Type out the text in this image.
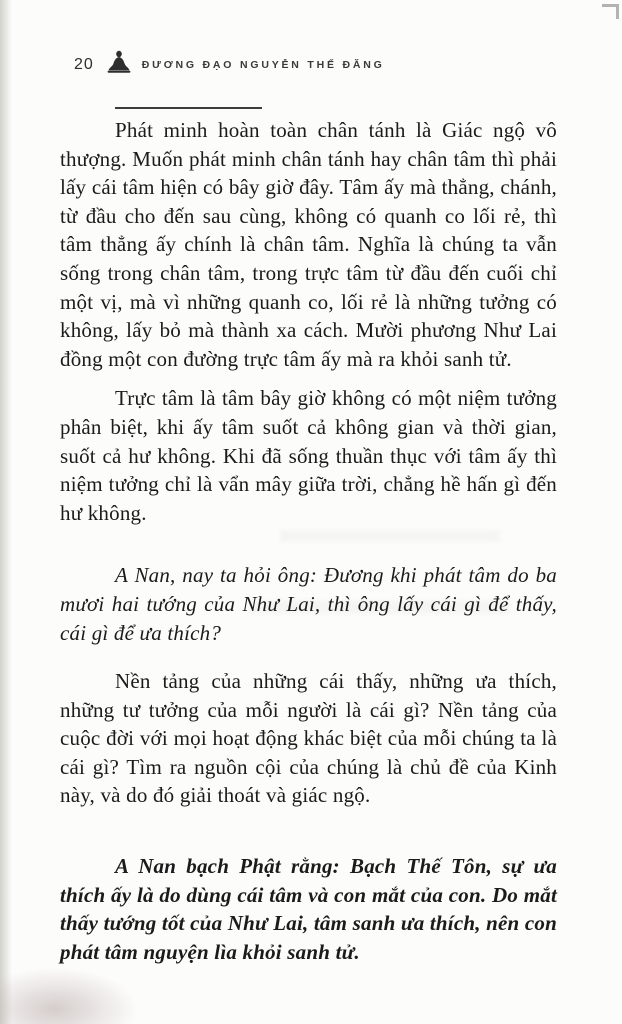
20	ĐƯƠNG ĐẠO NGUYỄN THẾ ĐĂNG

Phát minh hoàn toàn chân tánh là Giác ngộ vô thượng. Muốn phát minh chân tánh hay chân tâm thì phải lấy cái tâm hiện có bây giờ đây. Tâm ấy mà thẳng, chánh, từ đầu cho đến sau cùng, không có quanh co lối rẻ, thì tâm thẳng ấy chính là chân tâm. Nghĩa là chúng ta vẫn sống trong chân tâm, trong trực tâm từ đầu đến cuối chỉ một vị, mà vì những quanh co, lối rẻ là những tưởng có không, lấy bỏ mà thành xa cách. Mười phương Như Lai đồng một con đường trực tâm ấy mà ra khỏi sanh tử.

Trực tâm là tâm bây giờ không có một niệm tưởng phân biệt, khi ấy tâm suốt cả không gian và thời gian, suốt cả hư không. Khi đã sống thuần thục với tâm ấy thì niệm tưởng chỉ là vẩn mây giữa trời, chẳng hề hấn gì đến hư không.

A Nan, nay ta hỏi ông: Đương khi phát tâm do ba mươi hai tướng của Như Lai, thì ông lấy cái gì để thấy, cái gì để ưa thích?

Nền tảng của những cái thấy, những ưa thích, những tư tưởng của mỗi người là cái gì? Nền tảng của cuộc đời với mọi hoạt động khác biệt của mỗi chúng ta là cái gì? Tìm ra nguồn cội của chúng là chủ đề của Kinh này, và do đó giải thoát và giác ngộ.

A Nan bạch Phật rằng: Bạch Thế Tôn, sự ưa thích ấy là do dùng cái tâm và con mắt của con. Do mắt thấy tướng tốt của Như Lai, tâm sanh ưa thích, nên con phát tâm nguyện lìa khỏi sanh tử.
